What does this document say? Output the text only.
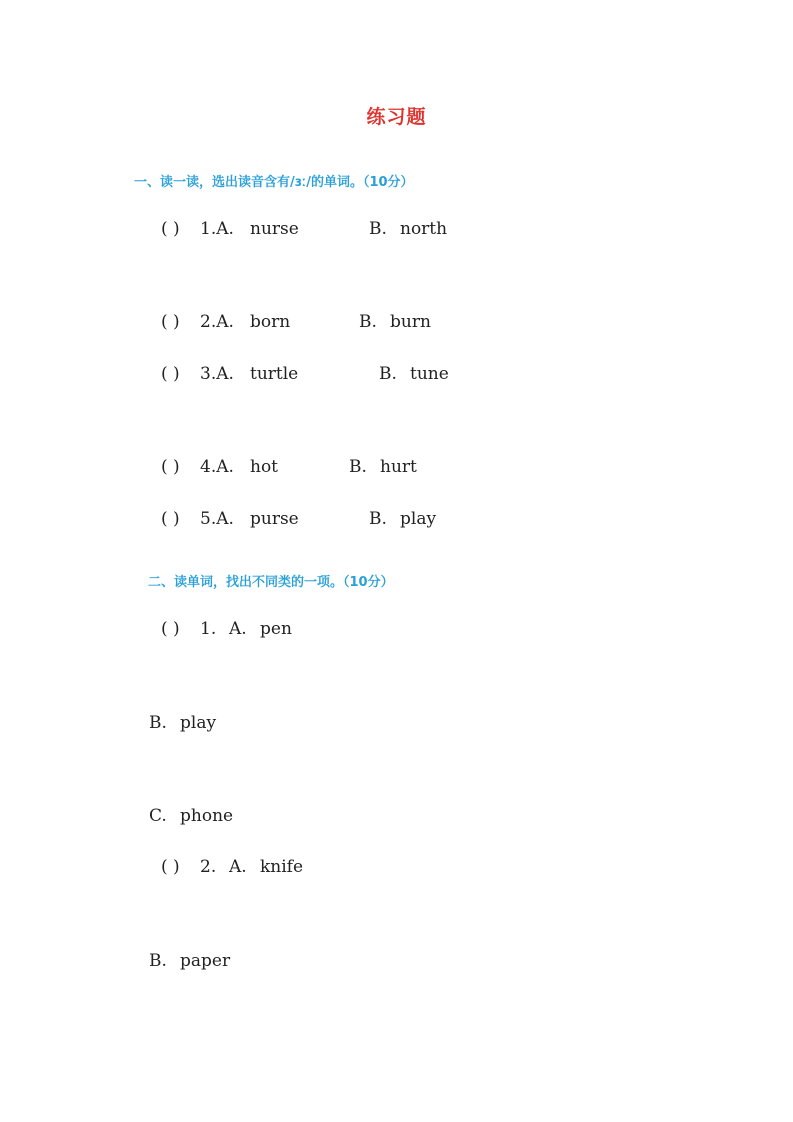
练习题
一、读一读，选出读音含有/ɜː/的单词。（10分）
( ) 1.A. nurse	B. north
( ) 2.A. born	B. burn
( ) 3.A. turtle	B. tune
( ) 4.A. hot	B. hurt
( ) 5.A. purse	B. play
二、读单词，找出不同类的一项。（10分）
( ) 1. A. pen
B. play
C. phone
( ) 2. A. knife
B. paper
